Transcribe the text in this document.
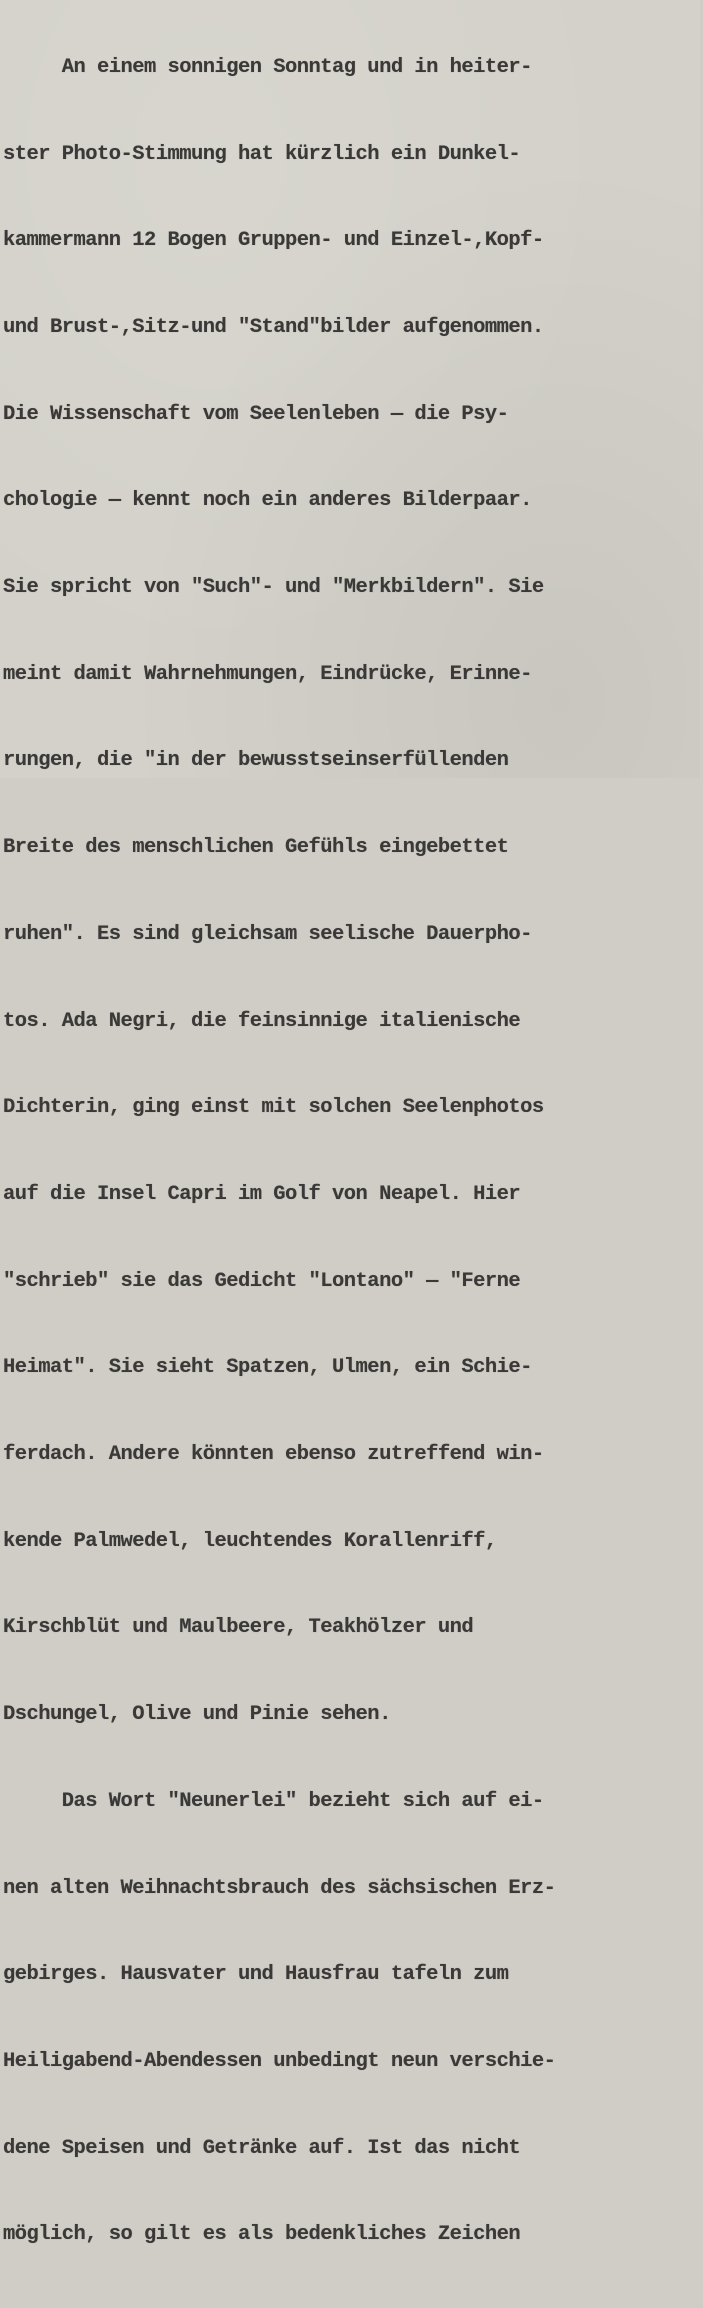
An einem sonnigen Sonntag und in heiter-

ster Photo-Stimmung hat kürzlich ein Dunkel-

kammermann 12 Bogen Gruppen- und Einzel-,Kopf-

und Brust-,Sitz-und "Stand"bilder aufgenommen.

Die Wissenschaft vom Seelenleben — die Psy-

chologie — kennt noch ein anderes Bilderpaar.

Sie spricht von "Such"- und "Merkbildern". Sie

meint damit Wahrnehmungen, Eindrücke, Erinne-

rungen, die "in der bewusstseinserfüllenden

Breite des menschlichen Gefühls eingebettet

ruhen". Es sind gleichsam seelische Dauerpho-

tos. Ada Negri, die feinsinnige italienische

Dichterin, ging einst mit solchen Seelenphotos

auf die Insel Capri im Golf von Neapel. Hier

"schrieb" sie das Gedicht "Lontano" — "Ferne

Heimat". Sie sieht Spatzen, Ulmen, ein Schie-

ferdach. Andere könnten ebenso zutreffend win-

kende Palmwedel, leuchtendes Korallenriff,

Kirschblüt und Maulbeere, Teakhölzer und

Dschungel, Olive und Pinie sehen.

Das Wort "Neunerlei" bezieht sich auf ei-

nen alten Weihnachtsbrauch des sächsischen Erz-

gebirges. Hausvater und Hausfrau tafeln zum

Heiligabend-Abendessen unbedingt neun verschie-

dene Speisen und Getränke auf. Ist das nicht

möglich, so gilt es als bedenkliches Zeichen
